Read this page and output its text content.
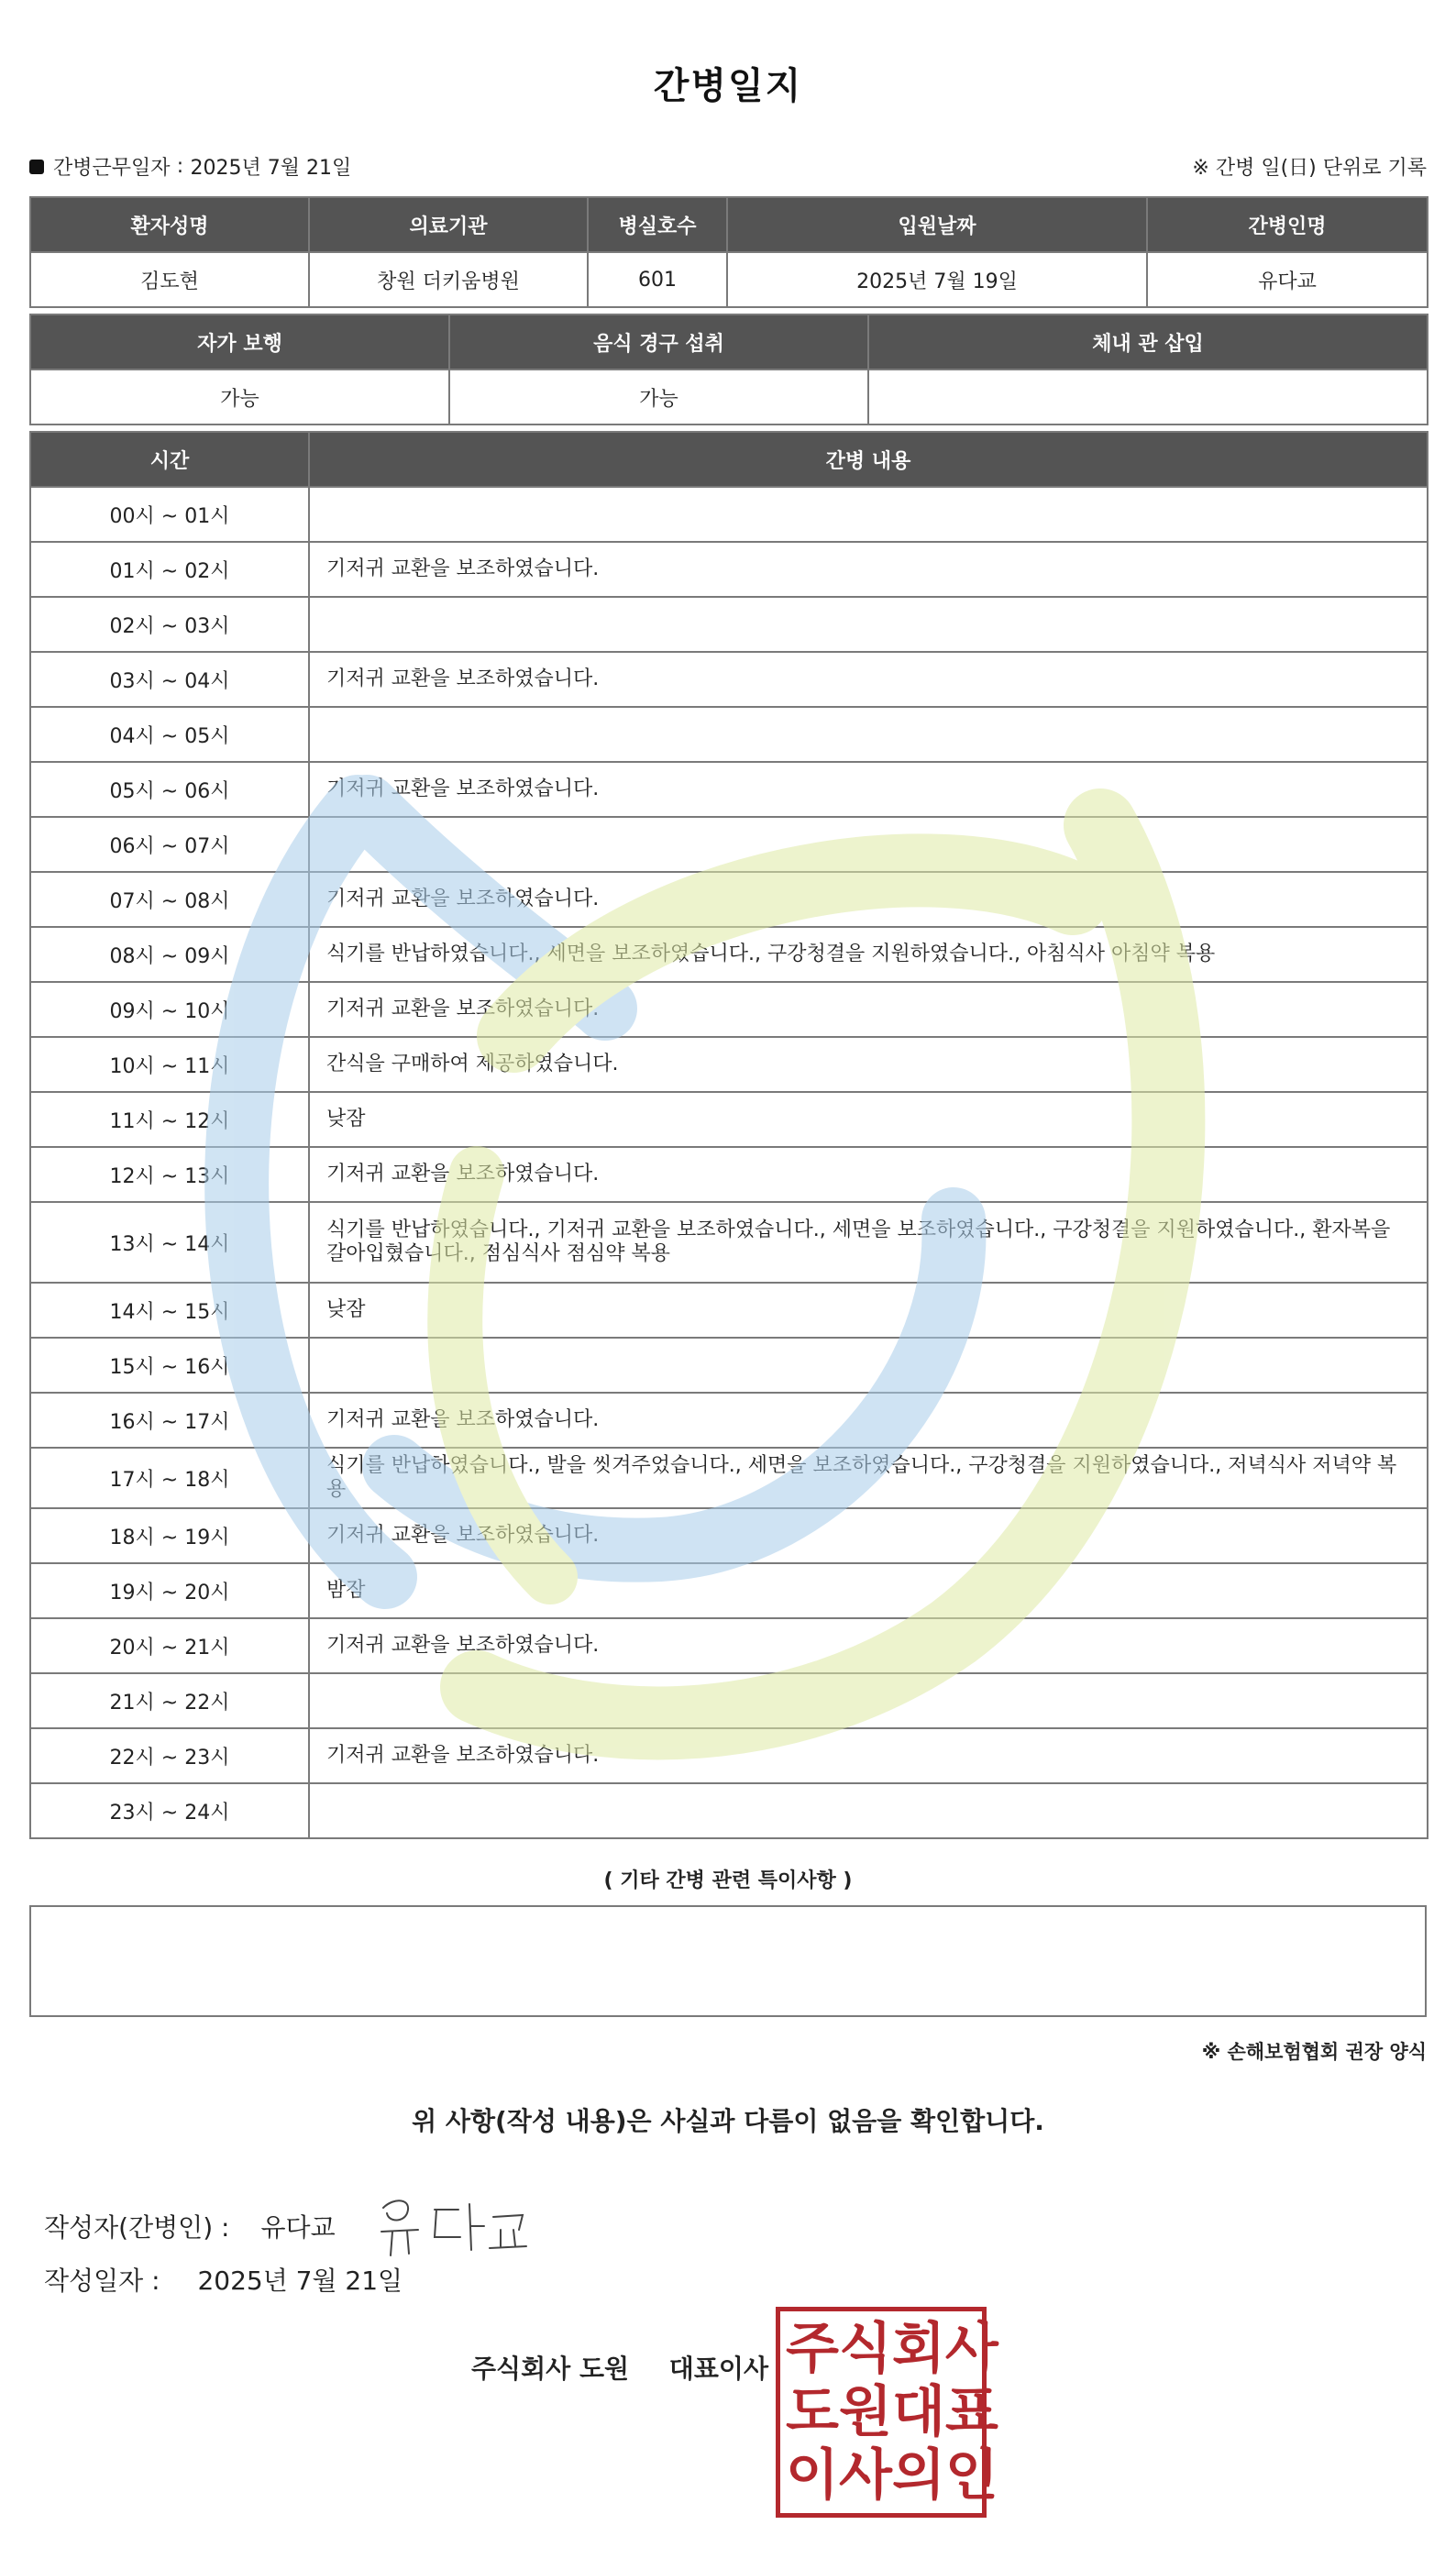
간병일지
간병근무일자 : 2025년 7월 21일	※ 간병 일(日) 단위로 기록
환자성명	의료기관	병실호수	입원날짜	간병인명
김도현	창원 더키움병원	601	2025년 7월 19일	유다교
자가 보행	음식 경구 섭취	체내 관 삽입
가능	가능	
시간	간병 내용
00시 ~ 01시	
01시 ~ 02시	기저귀 교환을 보조하였습니다.
02시 ~ 03시	
03시 ~ 04시	기저귀 교환을 보조하였습니다.
04시 ~ 05시	
05시 ~ 06시	기저귀 교환을 보조하였습니다.
06시 ~ 07시	
07시 ~ 08시	기저귀 교환을 보조하였습니다.
08시 ~ 09시	식기를 반납하였습니다., 세면을 보조하였습니다., 구강청결을 지원하였습니다., 아침식사 아침약 복용
09시 ~ 10시	기저귀 교환을 보조하였습니다.
10시 ~ 11시	간식을 구매하여 제공하였습니다.
11시 ~ 12시	낮잠
12시 ~ 13시	기저귀 교환을 보조하였습니다.
13시 ~ 14시	식기를 반납하였습니다., 기저귀 교환을 보조하였습니다., 세면을 보조하였습니다., 구강청결을 지원하였습니다., 환자복을 갈아입혔습니다., 점심식사 점심약 복용
14시 ~ 15시	낮잠
15시 ~ 16시	
16시 ~ 17시	기저귀 교환을 보조하였습니다.
17시 ~ 18시	식기를 반납하였습니다., 발을 씻겨주었습니다., 세면을 보조하였습니다., 구강청결을 지원하였습니다., 저녁식사 저녁약 복용
18시 ~ 19시	기저귀 교환을 보조하였습니다.
19시 ~ 20시	밤잠
20시 ~ 21시	기저귀 교환을 보조하였습니다.
21시 ~ 22시	
22시 ~ 23시	기저귀 교환을 보조하였습니다.
23시 ~ 24시	
( 기타 간병 관련 특이사항 )
※ 손해보험협회 권장 양식
위 사항(작성 내용)은 사실과 다름이 없음을 확인합니다.
작성자(간병인) : 유다교
작성일자 : 2025년 7월 21일
주식회사 도원 대표이사 주 식 회 사
도 원 대 표
이 사 의 인
